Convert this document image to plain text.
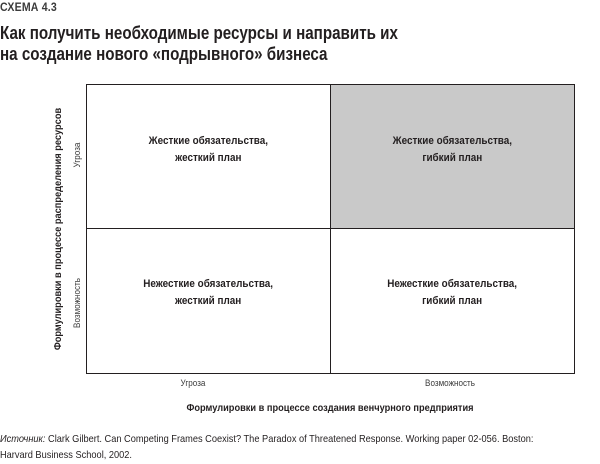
СХЕМА 4.3
Как получить необходимые ресурсы и направить их
на создание нового «подрывного» бизнеса
Формулировки в процессе распределения ресурсов Угроза
Возможность
Жесткие обязательства,
жесткий план
Жесткие обязательства,
гибкий план
Нежесткие обязательства,
жесткий план
Нежесткие обязательства,
гибкий план
Угроза	Возможность
Формулировки в процессе создания венчурного предприятия
Источник: Clark Gilbert. Can Competing Frames Coexist? The Paradox of Threatened Response. Working paper 02-056. Boston:
Harvard Business School, 2002.
